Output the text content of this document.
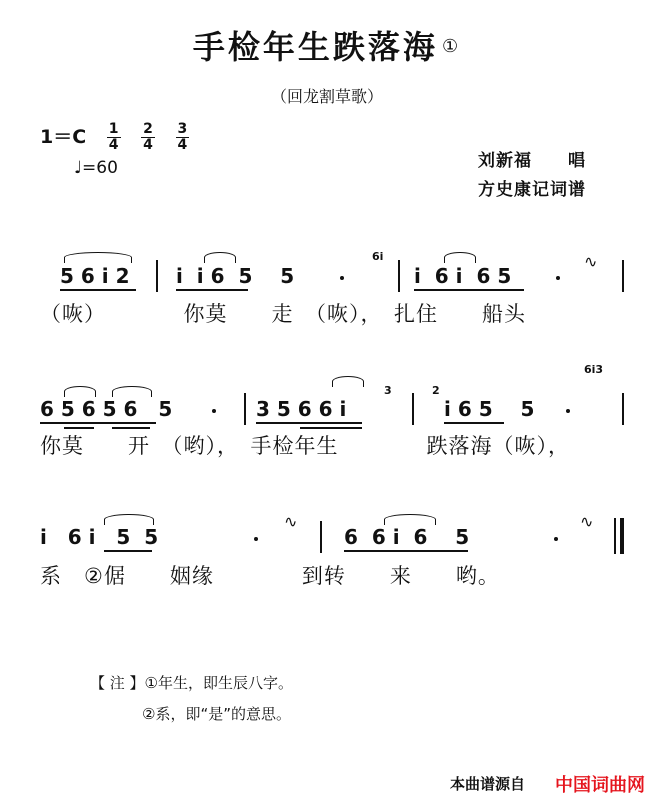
手检年生跌落海 ①
（回龙割草歌）
$1=C \frac{1}{4}$
$\frac{2}{4}$
$\frac{3}{4}$
♩=60	刘新福　　唱
方史康记词谱
5 6 i 2 i  i 6  5    5
6i
i  6 i  6 5
∿
（咴）　　　　你莫　　走　（咴），　扎住　　船头
6 5 6 5 6   5	3 5 6 6 i
3	2
i 6 5    5
6i3
你莫　　开　（哟），　手检年生　　　　跌落海（咴），
i   6 i   5  5
∿
6  6 i  6    5
∿
系　②倨　　姻缘　　　　到转　　来　　哟。
【 注 】①年生，即生辰八字。
②系，即“是”的意思。
本曲谱源自 中国词曲网
